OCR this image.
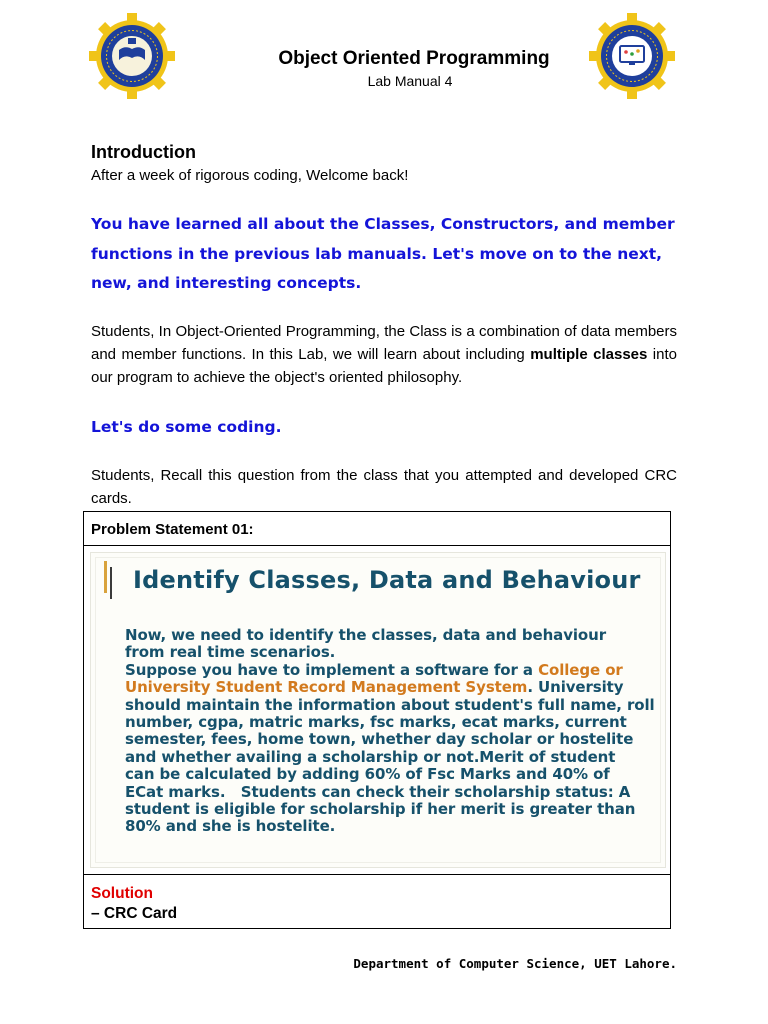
Object Oriented Programming
Lab Manual 4
Introduction
After a week of rigorous coding, Welcome back!
You have learned all about the Classes, Constructors, and member
functions in the previous lab manuals. Let's move on to the next,
new, and interesting concepts.
Students, In Object-Oriented Programming, the Class is a combination of data members and member functions. In this Lab, we will learn about including multiple classes into our program to achieve the object's oriented philosophy.
Let's do some coding.
Students, Recall this question from the class that you attempted and developed CRC cards.
Problem Statement 01:
Identify Classes, Data and Behaviour
Now, we need to identify the classes, data and behaviour
from real time scenarios.
Suppose you have to implement a software for a College or
University Student Record Management System. University
should maintain the information about student's full name, roll
number, cgpa, matric marks, fsc marks, ecat marks, current
semester, fees, home town, whether day scholar or hostelite
and whether availing a scholarship or not.Merit of student
can be calculated by adding 60% of Fsc Marks and 40% of
ECat marks.   Students can check their scholarship status: A
student is eligible for scholarship if her merit is greater than
80% and she is hostelite.
Solution
– CRC Card
Department of Computer Science, UET Lahore.
